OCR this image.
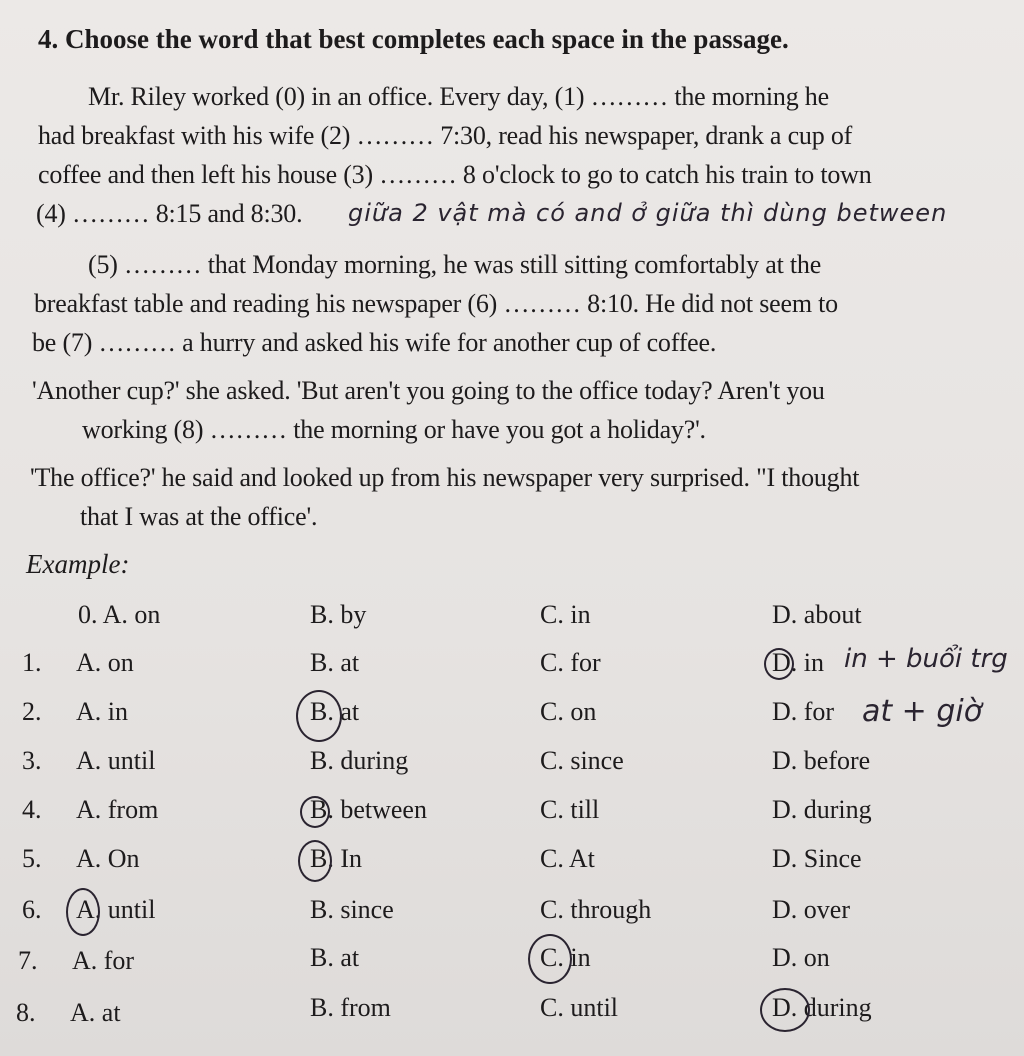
4. Choose the word that best completes each space in the passage.
Mr. Riley worked (0) in an office. Every day, (1) ……… the morning he
had breakfast with his wife (2) ……… 7:30, read his newspaper, drank a cup of
coffee and then left his house (3) ……… 8 o'clock to go to catch his train to town
(4) ……… 8:15 and 8:30. giữa 2 vật mà có and ở giữa thì dùng between
(5) ……… that Monday morning, he was still sitting comfortably at the
breakfast table and reading his newspaper (6) ……… 8:10. He did not seem to
be (7) ……… a hurry and asked his wife for another cup of coffee.
'Another cup?' she asked. 'But aren't you going to the office today? Aren't you
working (8) ……… the morning or have you got a holiday?'.
'The office?' he said and looked up from his newspaper very surprised. "I thought
that I was at the office'.
Example:
0. A. on	B. by	C. in	D. about
1. A. on	B. at	C. for	D. in in + buổi trg
2. A. in	B. at	C. on	D. for at + giờ
3. A. until	B. during	C. since	D. before
4. A. from	B. between	C. till	D. during
5. A. On	B. In	C. At	D. Since
6. A. until	B. since	C. through	D. over
7. A. for	B. at	C. in	D. on
8. A. at	B. from	C. until	D. during
